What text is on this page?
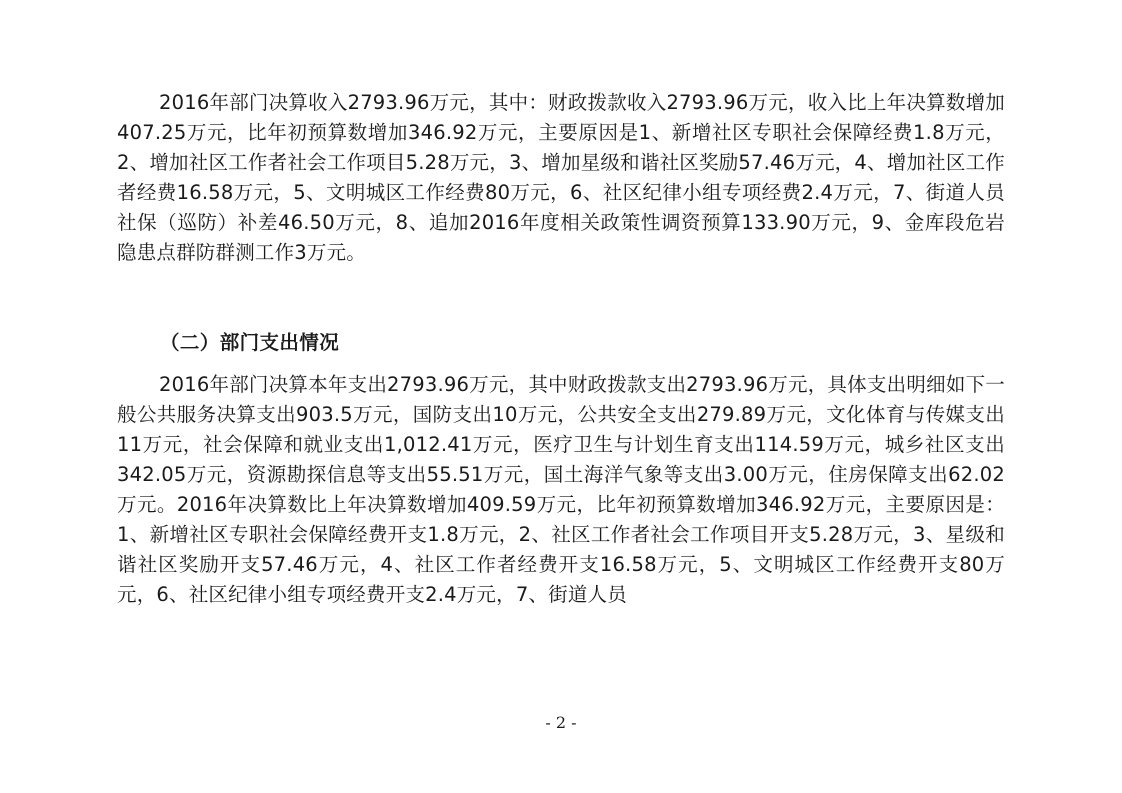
2016年部门决算收入2793.96万元，其中：财政拨款收入2793.96万元，收入比上年决算数增加407.25万元，比年初预算数增加346.92万元，主要原因是1、新增社区专职社会保障经费1.8万元，2、增加社区工作者社会工作项目5.28万元，3、增加星级和谐社区奖励57.46万元，4、增加社区工作者经费16.58万元，5、文明城区工作经费80万元，6、社区纪律小组专项经费2.4万元，7、街道人员社保（巡防）补差46.50万元，8、追加2016年度相关政策性调资预算133.90万元，9、金库段危岩隐患点群防群测工作3万元。

（二）部门支出情况

2016年部门决算本年支出2793.96万元，其中财政拨款支出2793.96万元，具体支出明细如下一般公共服务决算支出903.5万元，国防支出10万元，公共安全支出279.89万元，文化体育与传媒支出11万元，社会保障和就业支出1,012.41万元，医疗卫生与计划生育支出114.59万元，城乡社区支出342.05万元，资源勘探信息等支出55.51万元，国土海洋气象等支出3.00万元，住房保障支出62.02万元。2016年决算数比上年决算数增加409.59万元，比年初预算数增加346.92万元，主要原因是：1、新增社区专职社会保障经费开支1.8万元，2、社区工作者社会工作项目开支5.28万元，3、星级和谐社区奖励开支57.46万元，4、社区工作者经费开支16.58万元，5、文明城区工作经费开支80万元，6、社区纪律小组专项经费开支2.4万元，7、街道人员

- 2 -
